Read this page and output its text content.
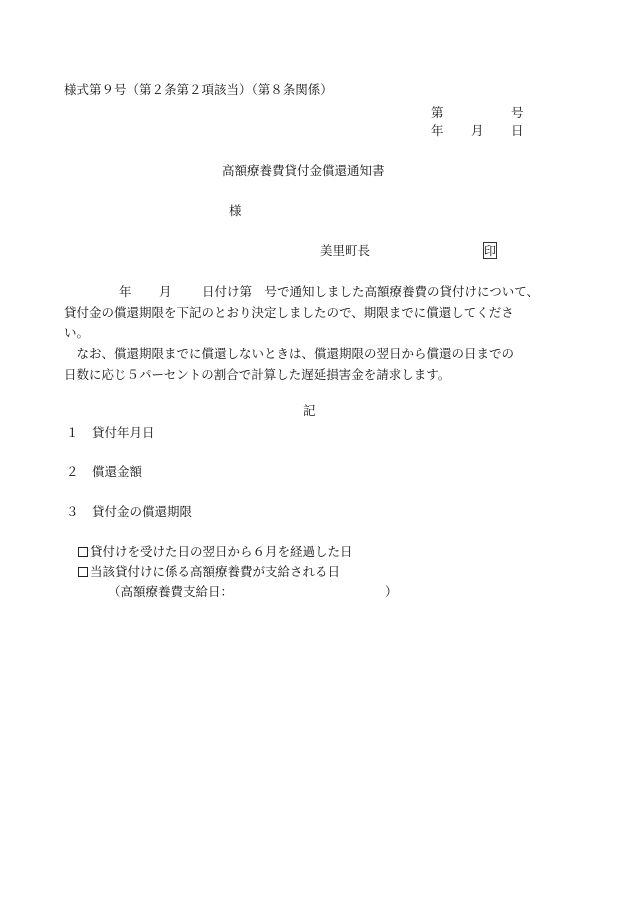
様式第９号（第２条第２項該当）（第８条関係）

第	号

年 月 日

高額療養費貸付金償還通知書

様

美里町長	印

年 月 日付け第　号で通知しました高額療養費の貸付けについて、

貸付金の償還期限を下記のとおり決定しましたので、期限までに償還してくださ

い。

　なお、償還期限までに償還しないときは、償還期限の翌日から償還の日までの

日数に応じ５パーセントの割合で計算した遅延損害金を請求します。

記

１ 貸付年月日

２ 償還金額

３ 貸付金の償還期限

貸付けを受けた日の翌日から６月を経過した日

当該貸付けに係る高額療養費が支給される日

（高額療養費支給日：	）
